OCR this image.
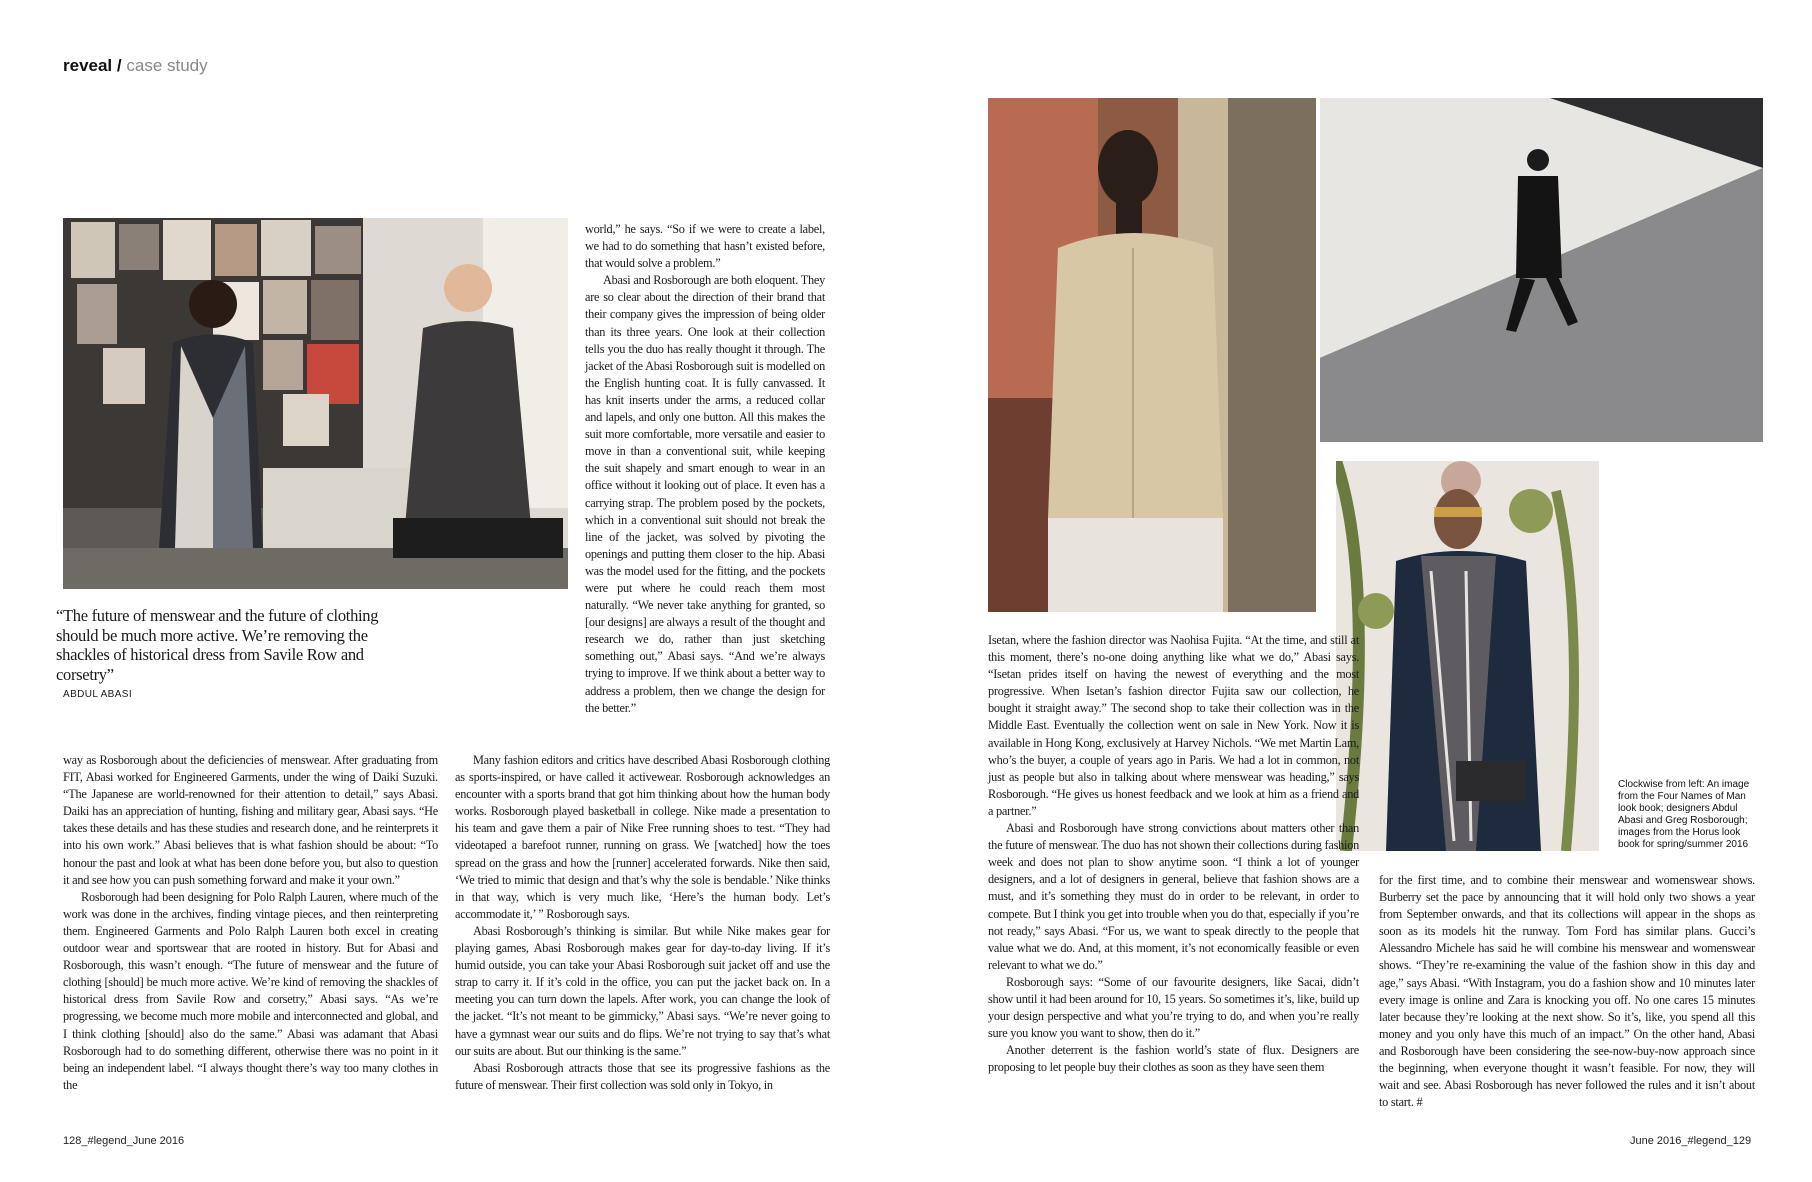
reveal / case study
“The future of menswear and the future of clothing should be much more active. We’re removing the shackles of historical dress from Savile Row and corsetry”
ABDUL ABASI

world,” he says. “So if we were to create a label, we had to do something that hasn’t existed before, that would solve a problem.”

Abasi and Rosborough are both eloquent. They are so clear about the direction of their brand that their company gives the impression of being older than its three years. One look at their collection tells you the duo has really thought it through. The jacket of the Abasi Rosborough suit is modelled on the English hunting coat. It is fully canvassed. It has knit inserts under the arms, a reduced collar and lapels, and only one button. All this makes the suit more comfortable, more versatile and easier to move in than a conventional suit, while keeping the suit shapely and smart enough to wear in an office without it looking out of place. It even has a carrying strap. The problem posed by the pockets, which in a conventional suit should not break the line of the jacket, was solved by pivoting the openings and putting them closer to the hip. Abasi was the model used for the fitting, and the pockets were put where he could reach them most naturally. “We never take anything for granted, so [our designs] are always a result of the thought and research we do, rather than just sketching something out,” Abasi says. “And we’re always trying to improve. If we think about a better way to address a problem, then we change the design for the better.”

way as Rosborough about the deficiencies of menswear. After graduating from FIT, Abasi worked for Engineered Garments, under the wing of Daiki Suzuki. “The Japanese are world-renowned for their attention to detail,” says Abasi. Daiki has an appreciation of hunting, fishing and military gear, Abasi says. “He takes these details and has these studies and research done, and he reinterprets it into his own work.” Abasi believes that is what fashion should be about: “To honour the past and look at what has been done before you, but also to question it and see how you can push something forward and make it your own.”

Rosborough had been designing for Polo Ralph Lauren, where much of the work was done in the archives, finding vintage pieces, and then reinterpreting them. Engineered Garments and Polo Ralph Lauren both excel in creating outdoor wear and sportswear that are rooted in history. But for Abasi and Rosborough, this wasn’t enough. “The future of menswear and the future of clothing [should] be much more active. We’re kind of removing the shackles of historical dress from Savile Row and corsetry,” Abasi says. “As we’re progressing, we become much more mobile and interconnected and global, and I think clothing [should] also do the same.” Abasi was adamant that Abasi Rosborough had to do something different, otherwise there was no point in it being an independent label. “I always thought there’s way too many clothes in the

Many fashion editors and critics have described Abasi Rosborough clothing as sports-inspired, or have called it activewear. Rosborough acknowledges an encounter with a sports brand that got him thinking about how the human body works. Rosborough played basketball in college. Nike made a presentation to his team and gave them a pair of Nike Free running shoes to test. “They had videotaped a barefoot runner, running on grass. We [watched] how the toes spread on the grass and how the [runner] accelerated forwards. Nike then said, ‘We tried to mimic that design and that’s why the sole is bendable.’ Nike thinks in that way, which is very much like, ‘Here’s the human body. Let’s accommodate it,’ ” Rosborough says.

Abasi Rosborough’s thinking is similar. But while Nike makes gear for playing games, Abasi Rosborough makes gear for day-to-day living. If it’s humid outside, you can take your Abasi Rosborough suit jacket off and use the strap to carry it. If it’s cold in the office, you can put the jacket back on. In a meeting you can turn down the lapels. After work, you can change the look of the jacket. “It’s not meant to be gimmicky,” Abasi says. “We’re never going to have a gymnast wear our suits and do flips. We’re not trying to say that’s what our suits are about. But our thinking is the same.”

Abasi Rosborough attracts those that see its progressive fashions as the future of menswear. Their first collection was sold only in Tokyo, in

Clockwise from left: An image from the Four Names of Man look book; designers Abdul Abasi and Greg Rosborough; images from the Horus look book for spring/summer 2016

Isetan, where the fashion director was Naohisa Fujita. “At the time, and still at this moment, there’s no-one doing anything like what we do,” Abasi says. “Isetan prides itself on having the newest of everything and the most progressive. When Isetan’s fashion director Fujita saw our collection, he bought it straight away.” The second shop to take their collection was in the Middle East. Eventually the collection went on sale in New York. Now it is available in Hong Kong, exclusively at Harvey Nichols. “We met Martin Lam, who’s the buyer, a couple of years ago in Paris. We had a lot in common, not just as people but also in talking about where menswear was heading,” says Rosborough. “He gives us honest feedback and we look at him as a friend and a partner.”

Abasi and Rosborough have strong convictions about matters other than the future of menswear. The duo has not shown their collections during fashion week and does not plan to show anytime soon. “I think a lot of younger designers, and a lot of designers in general, believe that fashion shows are a must, and it’s something they must do in order to be relevant, in order to compete. But I think you get into trouble when you do that, especially if you’re not ready,” says Abasi. “For us, we want to speak directly to the people that value what we do. And, at this moment, it’s not economically feasible or even relevant to what we do.”

Rosborough says: “Some of our favourite designers, like Sacai, didn’t show until it had been around for 10, 15 years. So sometimes it’s, like, build up your design perspective and what you’re trying to do, and when you’re really sure you know you want to show, then do it.”

Another deterrent is the fashion world’s state of flux. Designers are proposing to let people buy their clothes as soon as they have seen them

for the first time, and to combine their menswear and womenswear shows. Burberry set the pace by announcing that it will hold only two shows a year from September onwards, and that its collections will appear in the shops as soon as its models hit the runway. Tom Ford has similar plans. Gucci’s Alessandro Michele has said he will combine his menswear and womenswear shows. “They’re re-examining the value of the fashion show in this day and age,” says Abasi. “With Instagram, you do a fashion show and 10 minutes later every image is online and Zara is knocking you off. No one cares 15 minutes later because they’re looking at the next show. So it’s, like, you spend all this money and you only have this much of an impact.” On the other hand, Abasi and Rosborough have been considering the see-now-buy-now approach since the beginning, when everyone thought it wasn’t feasible. For now, they will wait and see. Abasi Rosborough has never followed the rules and it isn’t about to start. #

128_#legend_June 2016	June 2016_#legend_129
